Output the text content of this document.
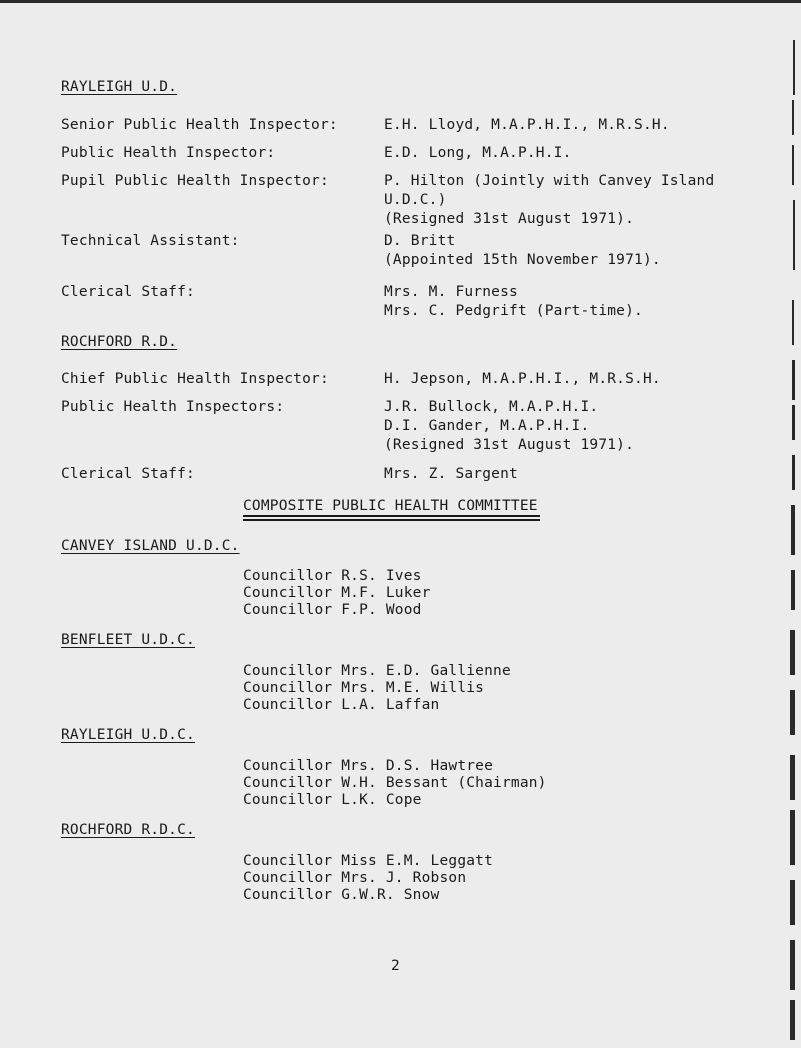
RAYLEIGH U.D.
Senior Public Health Inspector:	E.H. Lloyd, M.A.P.H.I., M.R.S.H.
Public Health Inspector:	E.D. Long, M.A.P.H.I.
Pupil Public Health Inspector:	P. Hilton (Jointly with Canvey Island
U.D.C.)
(Resigned 31st August 1971).
Technical Assistant:	D. Britt
(Appointed 15th November 1971).
Clerical Staff:	Mrs. M. Furness
Mrs. C. Pedgrift (Part-time).
ROCHFORD R.D.
Chief Public Health Inspector:	H. Jepson, M.A.P.H.I., M.R.S.H.
Public Health Inspectors:	J.R. Bullock, M.A.P.H.I.
D.I. Gander, M.A.P.H.I.
(Resigned 31st August 1971).
Clerical Staff:	Mrs. Z. Sargent
COMPOSITE PUBLIC HEALTH COMMITTEE
CANVEY ISLAND U.D.C.
Councillor R.S. Ives
Councillor M.F. Luker
Councillor F.P. Wood
BENFLEET U.D.C.
Councillor Mrs. E.D. Gallienne
Councillor Mrs. M.E. Willis
Councillor L.A. Laffan
RAYLEIGH U.D.C.
Councillor Mrs. D.S. Hawtree
Councillor W.H. Bessant (Chairman)
Councillor L.K. Cope
ROCHFORD R.D.C.
Councillor Miss E.M. Leggatt
Councillor Mrs. J. Robson
Councillor G.W.R. Snow
2
